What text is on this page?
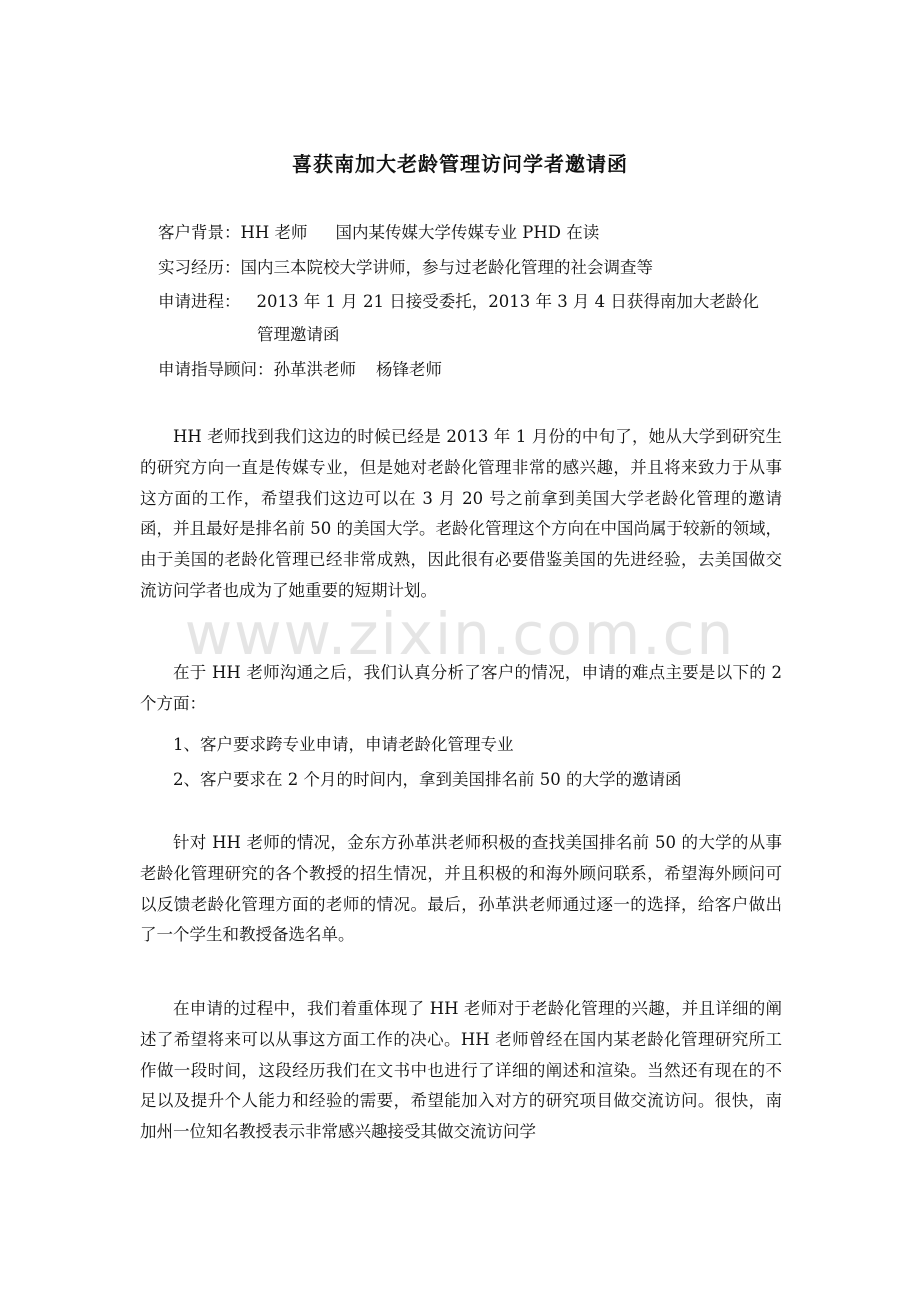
喜获南加大老龄管理访问学者邀请函
客户背景：HH 老师 国内某传媒大学传媒专业 PHD 在读
实习经历：国内三本院校大学讲师，参与过老龄化管理的社会调查等
申请进程： 2013 年 1 月 21 日接受委托，2013 年 3 月 4 日获得南加大老龄化
管理邀请函
申请指导顾问：孙革洪老师 杨锋老师

HH 老师找到我们这边的时候已经是 2013 年 1 月份的中旬了，她从大学到研究生的研究方向一直是传媒专业，但是她对老龄化管理非常的感兴趣，并且将来致力于从事这方面的工作，希望我们这边可以在 3 月 20 号之前拿到美国大学老龄化管理的邀请函，并且最好是排名前 50 的美国大学。老龄化管理这个方向在中国尚属于较新的领域，由于美国的老龄化管理已经非常成熟，因此很有必要借鉴美国的先进经验，去美国做交流访问学者也成为了她重要的短期计划。

www.zixin.com.cn

在于 HH 老师沟通之后，我们认真分析了客户的情况，申请的难点主要是以下的 2 个方面：

1、客户要求跨专业申请，申请老龄化管理专业
2、客户要求在 2 个月的时间内，拿到美国排名前 50 的大学的邀请函

针对 HH 老师的情况，金东方孙革洪老师积极的查找美国排名前 50 的大学的从事老龄化管理研究的各个教授的招生情况，并且积极的和海外顾问联系，希望海外顾问可以反馈老龄化管理方面的老师的情况。最后，孙革洪老师通过逐一的选择，给客户做出了一个学生和教授备选名单。

在申请的过程中，我们着重体现了 HH 老师对于老龄化管理的兴趣，并且详细的阐述了希望将来可以从事这方面工作的决心。HH 老师曾经在国内某老龄化管理研究所工作做一段时间，这段经历我们在文书中也进行了详细的阐述和渲染。当然还有现在的不足以及提升个人能力和经验的需要，希望能加入对方的研究项目做交流访问。很快，南加州一位知名教授表示非常感兴趣接受其做交流访问学
